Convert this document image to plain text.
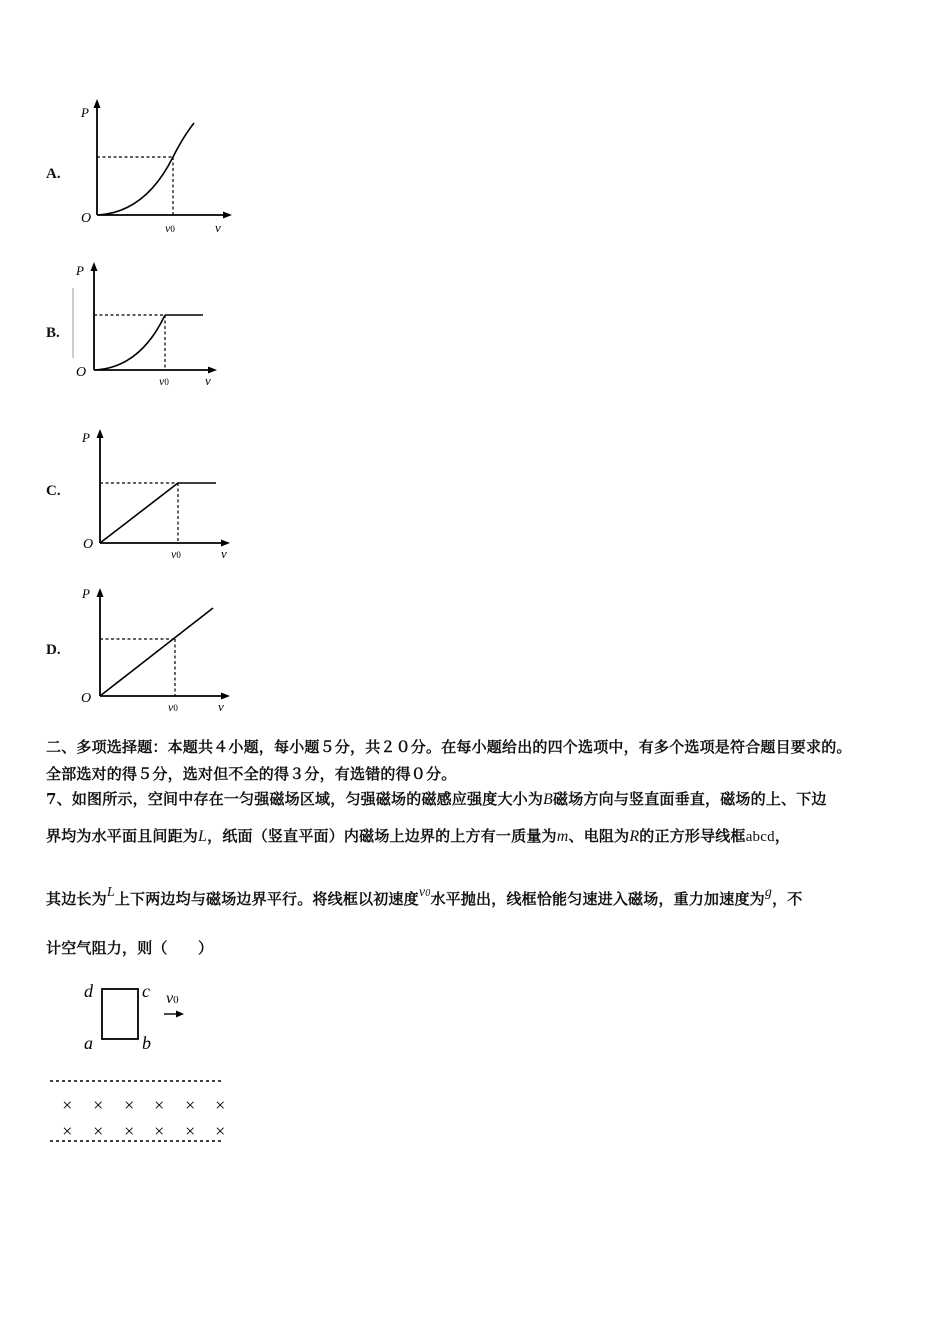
A.
P
O
v0	v
B.
P
O
v0	v
C.
P
O
v0	v
D.
P
O
v0	v
二、多项选择题：本题共４小题，每小题５分，共２０分。在每小题给出的四个选项中，有多个选项是符合题目要求的。
全部选对的得５分，选对但不全的得３分，有选错的得０分。
7、如图所示，空间中存在一匀强磁场区域，匀强磁场的磁感应强度大小为B磁场方向与竖直面垂直，磁场的上、下边
界均为水平面且间距为L，纸面（竖直平面）内磁场上边界的上方有一质量为m、电阻为R的正方形导线框abcd，
其边长为L上下两边均与磁场边界平行。将线框以初速度v0水平抛出，线框恰能匀速进入磁场，重力加速度为g，不
计空气阻力，则（　　）
d	c
a	b
v0
× × × × × ×
× × × × × ×
